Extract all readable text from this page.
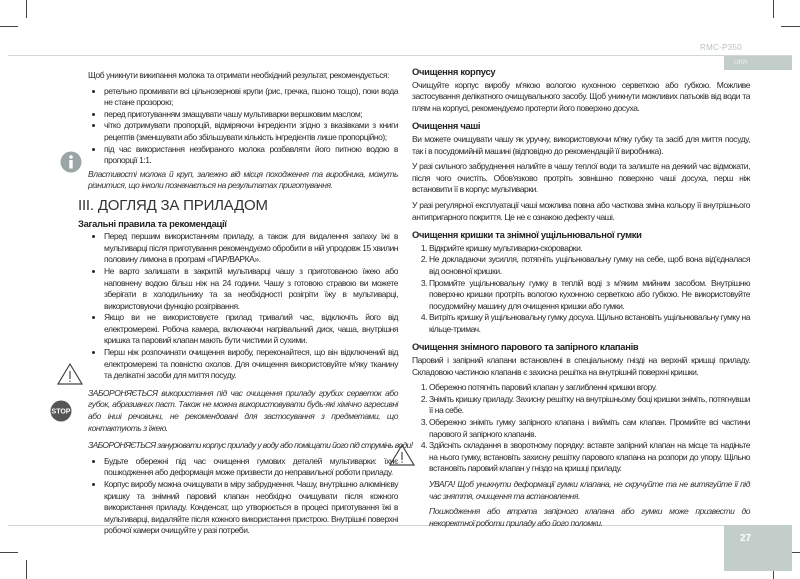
RMC-P350
UKR
27
STOP

Щоб уникнути википання молока та отримати необхідний результат, рекомендується:

• ретельно промивати всі цільнозернові крупи (рис, гречка, пшоно тощо), поки вода не стане прозорою;
• перед приготуванням змащувати чашу мультиварки вершковим маслом;
• чітко дотримувати пропорцій, відміряючи інгредієнти згідно з вказівками з книги рецептів (зменшувати або збільшувати кількість інгредієнтів лише пропорційно);
• під час використання незбираного молока розбавляти його питною водою в пропорції 1:1.

Властивості молока й круп, залежно від місця походження та виробника, можуть різнитися, що інколи позначається на результатах приготування.

III. ДОГЛЯД ЗА ПРИЛАДОМ
Загальні правила та рекомендації
• Перед першим використанням приладу, а також для видалення запаху їжі в мультиварці після приготування рекомендуємо обробити в ній упродовж 15 хвилин половину лимона в програмі «ПАР/ВАРКА».
• Не варто залишати в закритій мультиварці чашу з приготованою їжею або наповнену водою більш ніж на 24 години. Чашу з готовою стравою ви можете зберігати в холодильнику та за необхідності розігріти їжу в мультиварці, використовуючи функцію розігрівання.
• Якщо ви не використовуєте прилад тривалий час, відключіть його від електромережі. Робоча камера, включаючи нагрівальний диск, чаша, внутрішня кришка та паровий клапан мають бути чистими й сухими.
• Перш ніж розпочинати очищення виробу, переконайтеся, що він відключений від електромережі та повністю охолов. Для очищення використовуйте м'яку тканину та делікатні засоби для миття посуду.

ЗАБОРОНЯЄТЬСЯ використання під час очищення приладу грубих серветок або губок, абразивних паст. Також не можна використовувати будь-які хімічно агресивні або інші речовини, не рекомендовані для застосування з предметами, що контактують з їжею.

ЗАБОРОНЯЄТЬСЯ занурювати корпус приладу у воду або поміщати його під струмінь води!

• Будьте обережні під час очищення гумових деталей мультиварки: їхнє пошкодження або деформація може призвести до неправильної роботи приладу.
• Корпус виробу можна очищувати в міру забруднення. Чашу, внутрішню алюмінієву кришку та знімний паровий клапан необхідно очищувати після кожного використання приладу. Конденсат, що утворюється в процесі приготування їжі в мультиварці, видаляйте після кожного використання пристрою. Внутрішні поверхні робочої камери очищуйте у разі потреби.
Очищення корпусу

Очищуйте корпус виробу м'якою вологою кухонною серветкою або губкою. Можливе застосування делікатного очищувального засобу. Щоб уникнути можливих патьоків від води та плям на корпусі, рекомендуємо протерти його поверхню досуха.

Очищення чаші

Ви можете очищувати чашу як уручну, використовуючи м'яку губку та засіб для миття посуду, так і в посудомийній машині (відповідно до рекомендацій її виробника).

У разі сильного забруднення налийте в чашу теплої води та залиште на деякий час відмокати, після чого очистіть. Обов'язково протріть зовнішню поверхню чаші досуха, перш ніж встановити її в корпус мультиварки.

У разі регулярної експлуатації чаші можлива повна або часткова зміна кольору її внутрішнього антипригарного покриття. Це не є ознакою дефекту чаші.

Очищення кришки та знімної ущільнювальної гумки
1. Відкрийте кришку мультиварки-скороварки.
2. Не докладаючи зусилля, потягніть ущільнювальну гумку на себе, щоб вона від'єдналася від основної кришки.
3. Промийте ущільнювальну гумку в теплій воді з м'яким мийним засобом. Внутрішню поверхню кришки протріть вологою кухонною серветкою або губкою. Не використовуйте посудомийну машину для очищення кришки або гумки.
4. Витріть кришку й ущільнювальну гумку досуха. Щільно встановіть ущільнювальну гумку на кільце-тримач.
Очищення знімного парового та запірного клапанів

Паровий і запірний клапани встановлені в спеціальному гнізді на верхній кришці приладу. Складовою частиною клапанів є захисна решітка на внутрішній поверхні кришки.

1. Обережно потягніть паровий клапан у заглибленні кришки вгору.
2. Зніміть кришку приладу. Захисну решітку на внутрішньому боці кришки зніміть, потягнувши її на себе.
3. Обережно зніміть гумку запірного клапана і вийміть сам клапан. Промийте всі частини парового й запірного клапанів.
4. Здійсніть складання в зворотному порядку: вставте запірний клапан на місце та надіньте на нього гумку, встановіть захисну решітку парового клапана на розпори до упору. Щільно встановіть паровий клапан у гніздо на кришці приладу.

УВАГА! Щоб уникнути деформації гумки клапана, не скручуйте та не витягуйте її під час зняття, очищення та встановлення.

Пошкодження або втрата запірного клапана або гумки може призвести до некоректної роботи приладу або його поломки.
